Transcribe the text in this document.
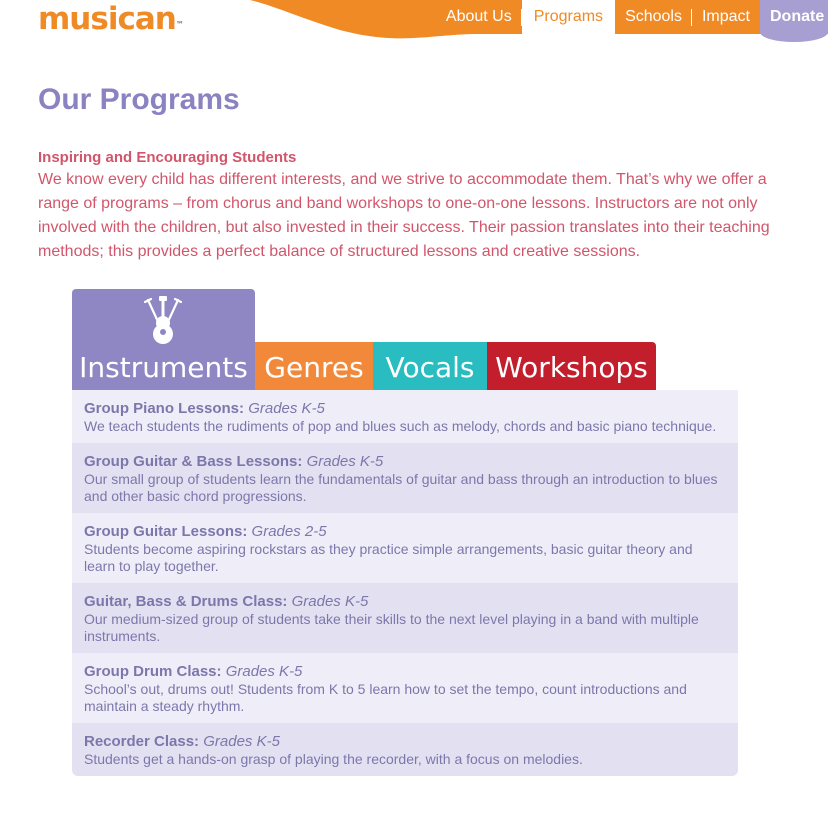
musican™	About Us	Programs	Schools	Impact	Donate
Our Programs
Inspiring and Encouraging Students

We know every child has different interests, and we strive to accommodate them. That’s why we offer a range of programs – from chorus and band workshops to one-on-one lessons. Instructors are not only involved with the children, but also invested in their success. Their passion translates into their teaching methods; this provides a perfect balance of structured lessons and creative sessions.

Instruments Genres Vocals Workshops
Group Piano Lessons: Grades K-5
We teach students the rudiments of pop and blues such as melody, chords and basic piano technique.
Group Guitar & Bass Lessons: Grades K-5
Our small group of students learn the fundamentals of guitar and bass through an introduction to blues and other basic chord progressions.
Group Guitar Lessons: Grades 2-5
Students become aspiring rockstars as they practice simple arrangements, basic guitar theory and learn to play together.
Guitar, Bass & Drums Class: Grades K-5
Our medium-sized group of students take their skills to the next level playing in a band with multiple instruments.
Group Drum Class: Grades K-5
School’s out, drums out! Students from K to 5 learn how to set the tempo, count introductions and maintain a steady rhythm.
Recorder Class: Grades K-5
Students get a hands-on grasp of playing the recorder, with a focus on melodies.
